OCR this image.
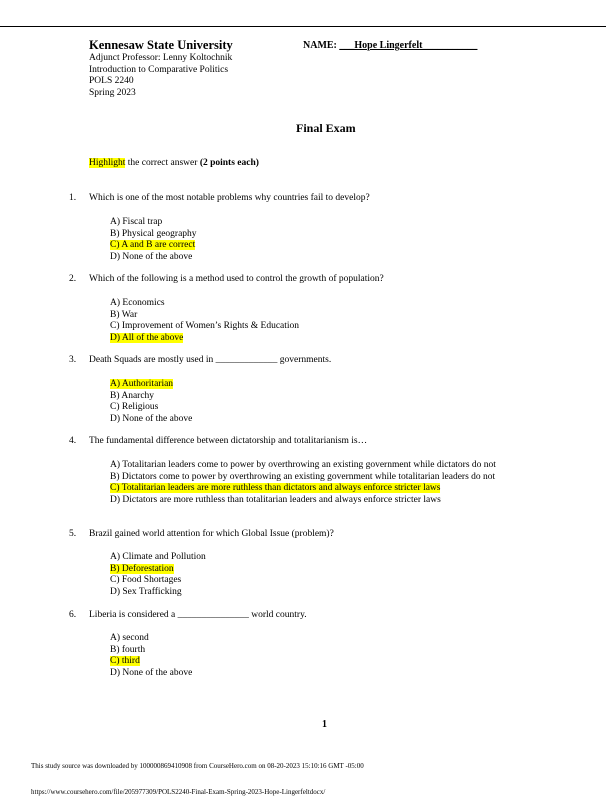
Kennesaw State University	NAME: ___Hope Lingerfelt___________
Adjunct Professor: Lenny Koltochnik
Introduction to Comparative Politics
POLS 2240
Spring 2023
Final Exam
Highlight the correct answer (2 points each)
1. Which is one of the most notable problems why countries fail to develop?
A) Fiscal trap
B) Physical geography
C) A and B are correct
D) None of the above
2. Which of the following is a method used to control the growth of population?
A) Economics
B) War
C) Improvement of Women’s Rights & Education
D) All of the above
3. Death Squads are mostly used in _____________ governments.
A) Authoritarian
B) Anarchy
C) Religious
D) None of the above
4. The fundamental difference between dictatorship and totalitarianism is…
A) Totalitarian leaders come to power by overthrowing an existing government while dictators do not
B) Dictators come to power by overthrowing an existing government while totalitarian leaders do not
C) Totalitarian leaders are more ruthless than dictators and always enforce stricter laws
D) Dictators are more ruthless than totalitarian leaders and always enforce stricter laws
5. Brazil gained world attention for which Global Issue (problem)?
A) Climate and Pollution
B) Deforestation
C) Food Shortages
D) Sex Trafficking
6. Liberia is considered a _______________ world country.
A) second
B) fourth
C) third
D) None of the above
1
This study source was downloaded by 100000869410908 from CourseHero.com on 08-20-2023 15:10:16 GMT -05:00
https://www.coursehero.com/file/205977309/POLS2240-Final-Exam-Spring-2023-Hope-Lingerfeltdocx/
